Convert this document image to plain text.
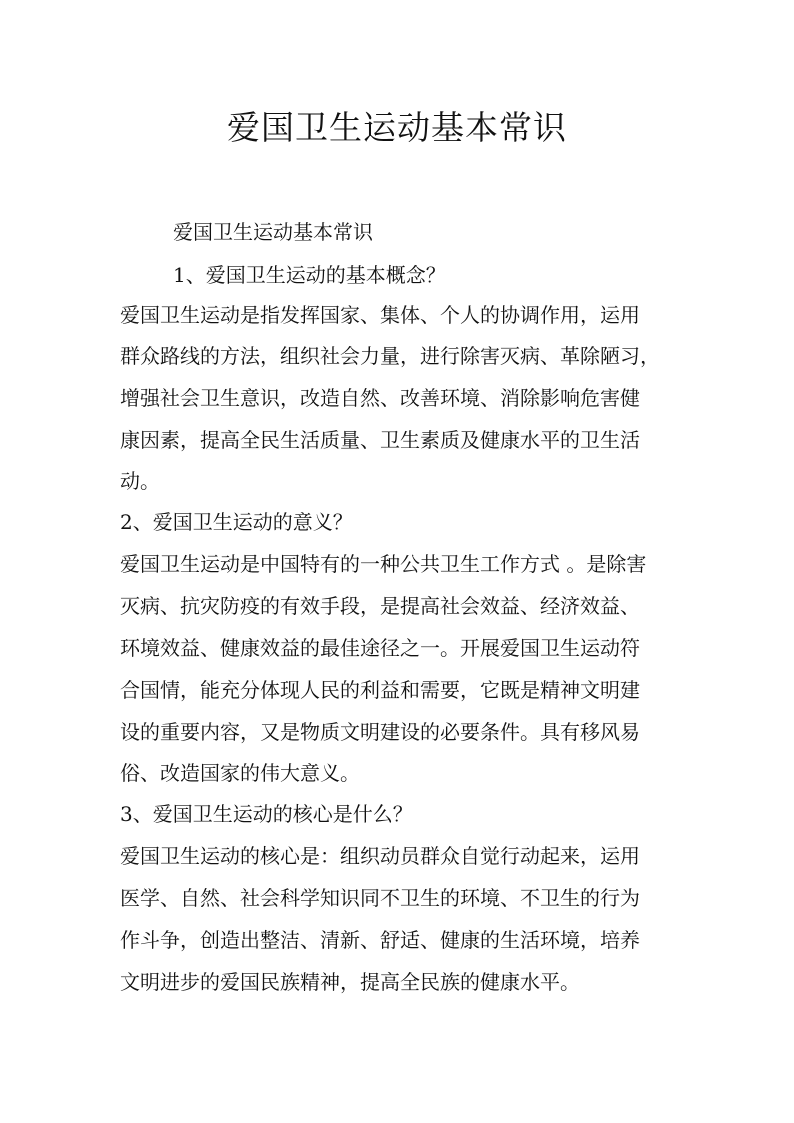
爱国卫生运动基本常识

爱国卫生运动基本常识

1、爱国卫生运动的基本概念？

爱国卫生运动是指发挥国家、集体、个人的协调作用，运用

群众路线的方法，组织社会力量，进行除害灭病、革除陋习，

增强社会卫生意识，改造自然、改善环境、消除影响危害健

康因素，提高全民生活质量、卫生素质及健康水平的卫生活

动。

2、爱国卫生运动的意义？

爱国卫生运动是中国特有的一种公共卫生工作方式 。是除害

灭病、抗灾防疫的有效手段，是提高社会效益、经济效益、

环境效益、健康效益的最佳途径之一。开展爱国卫生运动符

合国情，能充分体现人民的利益和需要，它既是精神文明建

设的重要内容，又是物质文明建设的必要条件。具有移风易

俗、改造国家的伟大意义。

3、爱国卫生运动的核心是什么？

爱国卫生运动的核心是：组织动员群众自觉行动起来，运用

医学、自然、社会科学知识同不卫生的环境、不卫生的行为

作斗争，创造出整洁、清新、舒适、健康的生活环境，培养

文明进步的爱国民族精神，提高全民族的健康水平。
